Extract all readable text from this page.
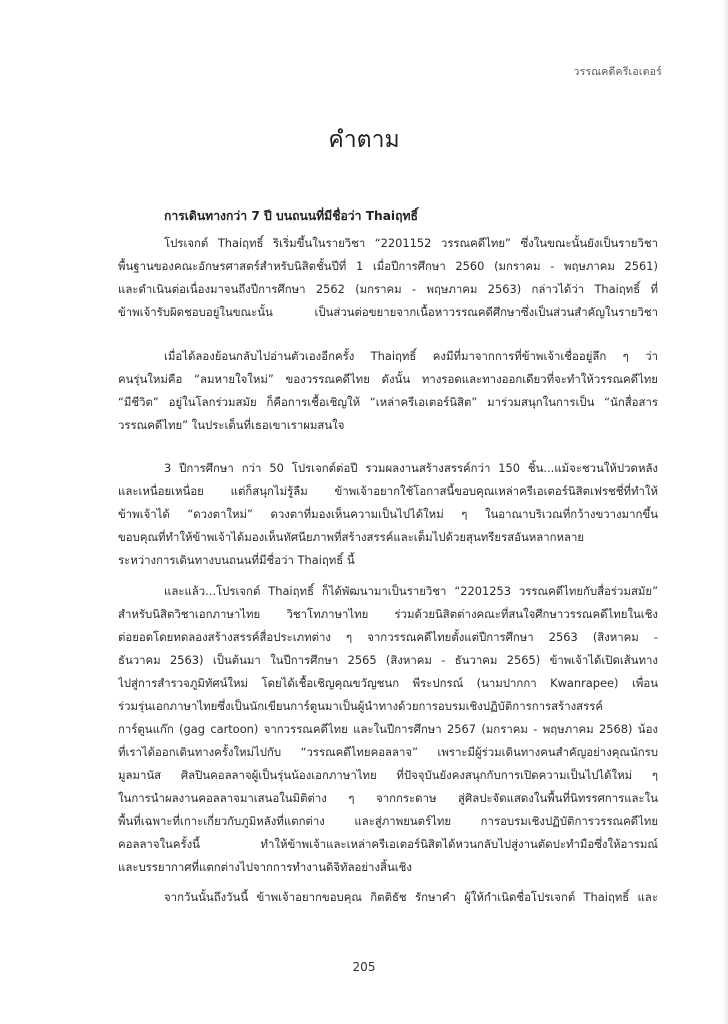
วรรณคดีครีเอเตอร์
คำตาม
การเดินทางกว่า 7 ปี บนถนนที่มีชื่อว่า Thaiฤทธิ์
โปรเจกต์ Thaiฤทธิ์ ริเริ่มขึ้นในรายวิชา “2201152 วรรณคดีไทย” ซึ่งในขณะนั้นยังเป็นรายวิชา
พื้นฐานของคณะอักษรศาสตร์สำหรับนิสิตชั้นปีที่ 1 เมื่อปีการศึกษา 2560 (มกราคม - พฤษภาคม 2561)
และดำเนินต่อเนื่องมาจนถึงปีการศึกษา 2562 (มกราคม - พฤษภาคม 2563) กล่าวได้ว่า Thaiฤทธิ์ ที่
ข้าพเจ้ารับผิดชอบอยู่ในขณะนั้น เป็นส่วนต่อขยายจากเนื้อหาวรรณคดีศึกษาซึ่งเป็นส่วนสำคัญในรายวิชา
เมื่อได้ลองย้อนกลับไปอ่านตัวเองอีกครั้ง Thaiฤทธิ์ คงมีที่มาจากการที่ข้าพเจ้าเชื่ออยู่ลึก ๆ ว่า
คนรุ่นใหม่คือ “ลมหายใจใหม่” ของวรรณคดีไทย ดังนั้น ทางรอดและทางออกเดียวที่จะทำให้วรรณคดีไทย
“มีชีวิต” อยู่ในโลกร่วมสมัย ก็คือการเชื้อเชิญให้ “เหล่าครีเอเตอร์นิสิต” มาร่วมสนุกในการเป็น “นักสื่อสาร
วรรณคดีไทย” ในประเด็นที่เธอเขาเราผมสนใจ
3 ปีการศึกษา กว่า 50 โปรเจกต์ต่อปี รวมผลงานสร้างสรรค์กว่า 150 ชิ้น...แม้จะชวนให้ปวดหลัง
และเหนื่อยเหนื่อย แต่ก็สนุกไม่รู้ลืม ข้าพเจ้าอยากใช้โอกาสนี้ขอบคุณเหล่าครีเอเตอร์นิสิตเฟรชชี่ที่ทำให้
ข้าพเจ้าได้ “ดวงตาใหม่” ดวงตาที่มองเห็นความเป็นไปได้ใหม่ ๆ ในอาณาบริเวณที่กว้างขวางมากขึ้น
ขอบคุณที่ทำให้ข้าพเจ้าได้มองเห็นทัศนียภาพที่สร้างสรรค์และเต็มไปด้วยสุนทรียรสอันหลากหลาย
ระหว่างการเดินทางบนถนนที่มีชื่อว่า Thaiฤทธิ์ นี้
และแล้ว...โปรเจกต์ Thaiฤทธิ์ ก็ได้พัฒนามาเป็นรายวิชา “2201253 วรรณคดีไทยกับสื่อร่วมสมัย”
สำหรับนิสิตวิชาเอกภาษาไทย วิชาโทภาษาไทย ร่วมด้วยนิสิตต่างคณะที่สนใจศึกษาวรรณคดีไทยในเชิง
ต่อยอดโดยทดลองสร้างสรรค์สื่อประเภทต่าง ๆ จากวรรณคดีไทยตั้งแต่ปีการศึกษา 2563 (สิงหาคม -
ธันวาคม 2563) เป็นต้นมา ในปีการศึกษา 2565 (สิงหาคม - ธันวาคม 2565) ข้าพเจ้าได้เปิดเส้นทาง
ไปสู่การสำรวจภูมิทัศน์ใหม่ โดยได้เชื้อเชิญคุณขวัญชนก พีระปกรณ์ (นามปากกา Kwanrapee) เพื่อน
ร่วมรุ่นเอกภาษาไทยซึ่งเป็นนักเขียนการ์ตูนมาเป็นผู้นำทางด้วยการอบรมเชิงปฏิบัติการการสร้างสรรค์
การ์ตูนแก๊ก (gag cartoon) จากวรรณคดีไทย และในปีการศึกษา 2567 (มกราคม - พฤษภาคม 2568) น้อง
ที่เราได้ออกเดินทางครั้งใหม่ไปกับ “วรรณคดีไทยคอลลาจ” เพราะมีผู้ร่วมเดินทางคนสำคัญอย่างคุณนักรบ
มูลมานัส ศิลปินคอลลาจผู้เป็นรุ่นน้องเอกภาษาไทย ที่ปัจจุบันยังคงสนุกกับการเปิดความเป็นไปได้ใหม่ ๆ
ในการนำผลงานคอลลาจมาเสนอในมิติต่าง ๆ จากกระดาษ สู่ศิลปะจัดแสดงในพื้นที่นิทรรศการและใน
พื้นที่เฉพาะที่เกาะเกี่ยวกับภูมิหลังที่แตกต่าง และสู่ภาพยนตร์ไทย การอบรมเชิงปฏิบัติการวรรณคดีไทย
คอลลาจในครั้งนี้ ทำให้ข้าพเจ้าและเหล่าครีเอเตอร์นิสิตได้หวนกลับไปสู่งานตัดปะทำมือซึ่งให้อารมณ์
และบรรยากาศที่แตกต่างไปจากการทำงานดิจิทัลอย่างสิ้นเชิง
จากวันนั้นถึงวันนี้ ข้าพเจ้าอยากขอบคุณ กิตติธัช รักษาคำ ผู้ให้กำเนิดชื่อโปรเจกต์ Thaiฤทธิ์ และ
205
